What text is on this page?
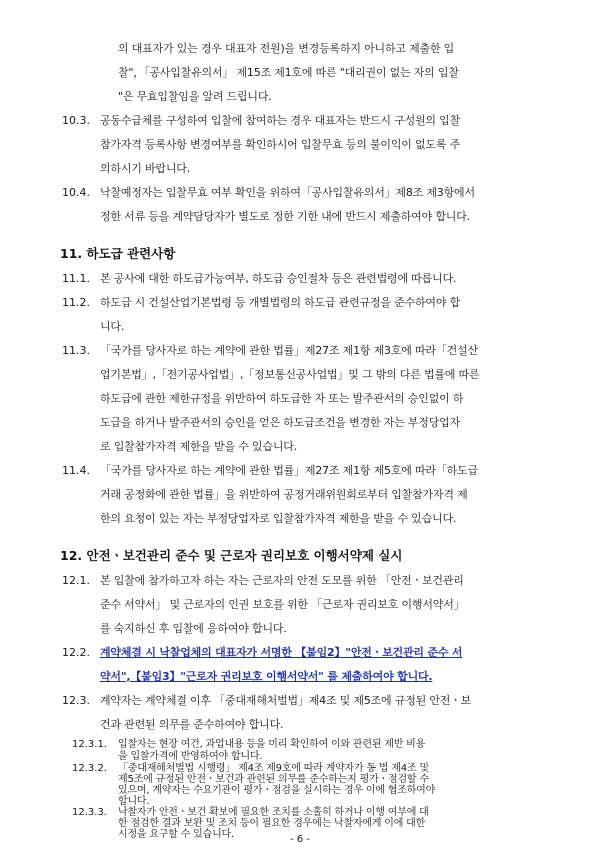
의 대표자가 있는 경우 대표자 전원)을 변경등록하지 아니하고 제출한 입
찰"，「공사입찰유의서」 제15조 제1호에 따른 "대리권이 없는 자의 입찰
"은 무효입찰임을 알려 드립니다.
10.3. 공동수급체를 구성하여 입찰에 참여하는 경우 대표자는 반드시 구성원의 입찰
참가자격 등록사항 변경여부를 확인하시어 입찰무효 등의 불이익이 없도록 주
의하시기 바랍니다.
10.4. 낙찰예정자는 입찰무효 여부 확인을 위하여「공사입찰유의서」제8조 제3항에서
정한 서류 등을 계약담당자가 별도로 정한 기한 내에 반드시 제출하여야 합니다.
11. 하도급 관련사항
11.1. 본 공사에 대한 하도급가능여부, 하도급 승인절차 등은 관련법령에 따릅니다.
11.2. 하도급 시 건설산업기본법령 등 개별법령의 하도급 관련규정을 준수하여야 합
니다.
11.3. 「국가를 당사자로 하는 계약에 관한 법률」제27조 제1항 제3호에 따라「건설산
업기본법」,「전기공사업법」,「정보통신공사업법」및 그 밖의 다른 법률에 따른
하도급에 관한 제한규정을 위반하여 하도급한 자 또는 발주관서의 승인없이 하
도급을 하거나 발주관서의 승인을 얻은 하도급조건을 변경한 자는 부정당업자
로 입찰참가자격 제한을 받을 수 있습니다.
11.4. 「국가를 당사자로 하는 계약에 관한 법률」제27조 제1항 제5호에 따라「하도급
거래 공정화에 관한 법률」을 위반하여 공정거래위원회로부터 입찰참가자격 제
한의 요청이 있는 자는 부정당업자로 입찰참가자격 제한을 받을 수 있습니다.
12. 안전ㆍ보건관리 준수 및 근로자 권리보호 이행서약제 실시
12.1. 본 입찰에 참가하고자 하는 자는 근로자의 안전 도모를 위한 「안전ㆍ보건관리
준수 서약서」 및 근로자의 인권 보호를 위한 「근로자 권리보호 이행서약서」
를 숙지하신 후 입찰에 응하여야 합니다.
12.2. 계약체결 시 낙찰업체의 대표자가 서명한 【붙임2】"안전ㆍ보건관리 준수 서
약서",【붙임3】"근로자 권리보호 이행서약서" 를 제출하여야 합니다.
12.3. 계약자는 계약체결 이후 「중대재해처벌법」제4조 및 제5조에 규정된 안전ㆍ보
건과 관련된 의무를 준수하여야 합니다.
12.3.1. 입찰자는 현장 여건, 과업내용 등을 미리 확인하여 이와 관련된 제반 비용
을 입찰가격에 반영하여야 합니다.
12.3.2. 「중대재해처벌법 시행령」 제4조 제9호에 따라 계약자가 동 법 제4조 및
제5조에 규정된 안전ㆍ보건과 관련된 의무를 준수하는지 평가ㆍ점검할 수
있으며, 계약자는 수요기관이 평가ㆍ점검을 실시하는 경우 이에 협조하여야
합니다.
12.3.3. 낙찰자가 안전ㆍ보건 확보에 필요한 조치를 소홀히 하거나 이행 여부에 대
한 점검한 결과 보완 및 조치 등이 필요한 경우에는 낙찰자에게 이에 대한
시정을 요구할 수 있습니다.	- 6 -
